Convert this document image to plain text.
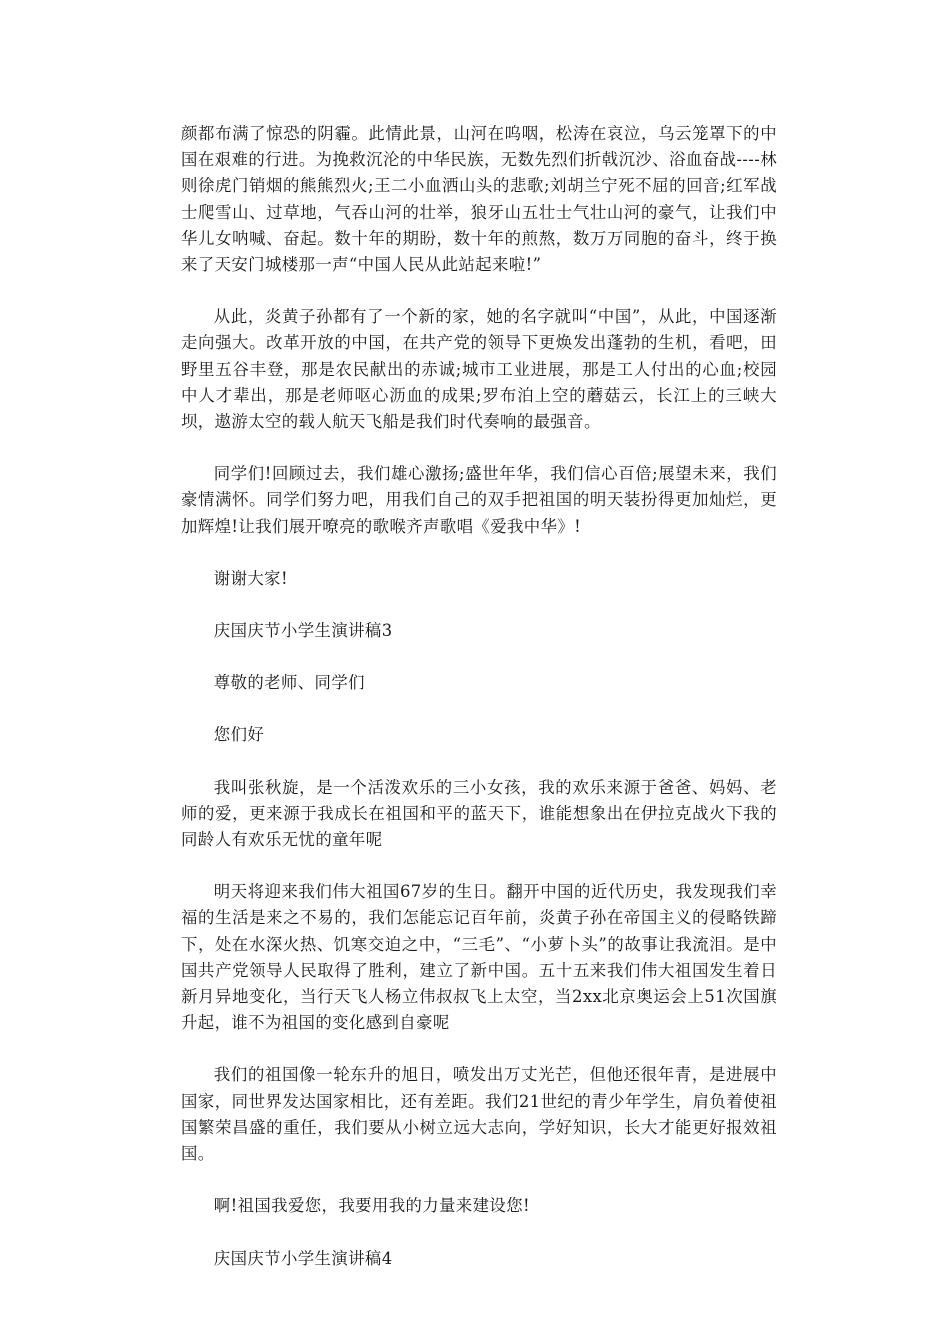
颜都布满了惊恐的阴霾。此情此景，山河在呜咽，松涛在哀泣，乌云笼罩下的中国在艰难的行进。为挽救沉沦的中华民族，无数先烈们折戟沉沙、浴血奋战----林则徐虎门销烟的熊熊烈火;王二小血洒山头的悲歌;刘胡兰宁死不屈的回音;红军战士爬雪山、过草地，气吞山河的壮举，狼牙山五壮士气壮山河的豪气，让我们中华儿女呐喊、奋起。数十年的期盼，数十年的煎熬，数万万同胞的奋斗，终于换来了天安门城楼那一声“中国人民从此站起来啦!”

从此，炎黄子孙都有了一个新的家，她的名字就叫“中国”，从此，中国逐渐走向强大。改革开放的中国，在共产党的领导下更焕发出蓬勃的生机，看吧，田野里五谷丰登，那是农民献出的赤诚;城市工业进展，那是工人付出的心血;校园中人才辈出，那是老师呕心沥血的成果;罗布泊上空的蘑菇云，长江上的三峡大坝，遨游太空的载人航天飞船是我们时代奏响的最强音。

同学们!回顾过去，我们雄心激扬;盛世年华，我们信心百倍;展望未来，我们豪情满怀。同学们努力吧，用我们自己的双手把祖国的明天装扮得更加灿烂，更加辉煌!让我们展开嘹亮的歌喉齐声歌唱《爱我中华》!

谢谢大家!

庆国庆节小学生演讲稿3

尊敬的老师、同学们

您们好

我叫张秋旋，是一个活泼欢乐的三小女孩，我的欢乐来源于爸爸、妈妈、老师的爱，更来源于我成长在祖国和平的蓝天下，谁能想象出在伊拉克战火下我的同龄人有欢乐无忧的童年呢

明天将迎来我们伟大祖国67岁的生日。翻开中国的近代历史，我发现我们幸福的生活是来之不易的，我们怎能忘记百年前，炎黄子孙在帝国主义的侵略铁蹄下，处在水深火热、饥寒交迫之中，“三毛”、“小萝卜头”的故事让我流泪。是中国共产党领导人民取得了胜利，建立了新中国。五十五来我们伟大祖国发生着日新月异地变化，当行天飞人杨立伟叔叔飞上太空，当2xx北京奥运会上51次国旗升起，谁不为祖国的变化感到自豪呢

我们的祖国像一轮东升的旭日，喷发出万丈光芒，但他还很年青，是进展中国家，同世界发达国家相比，还有差距。我们21世纪的青少年学生，肩负着使祖国繁荣昌盛的重任，我们要从小树立远大志向，学好知识，长大才能更好报效祖国。

啊!祖国我爱您，我要用我的力量来建设您!

庆国庆节小学生演讲稿4
